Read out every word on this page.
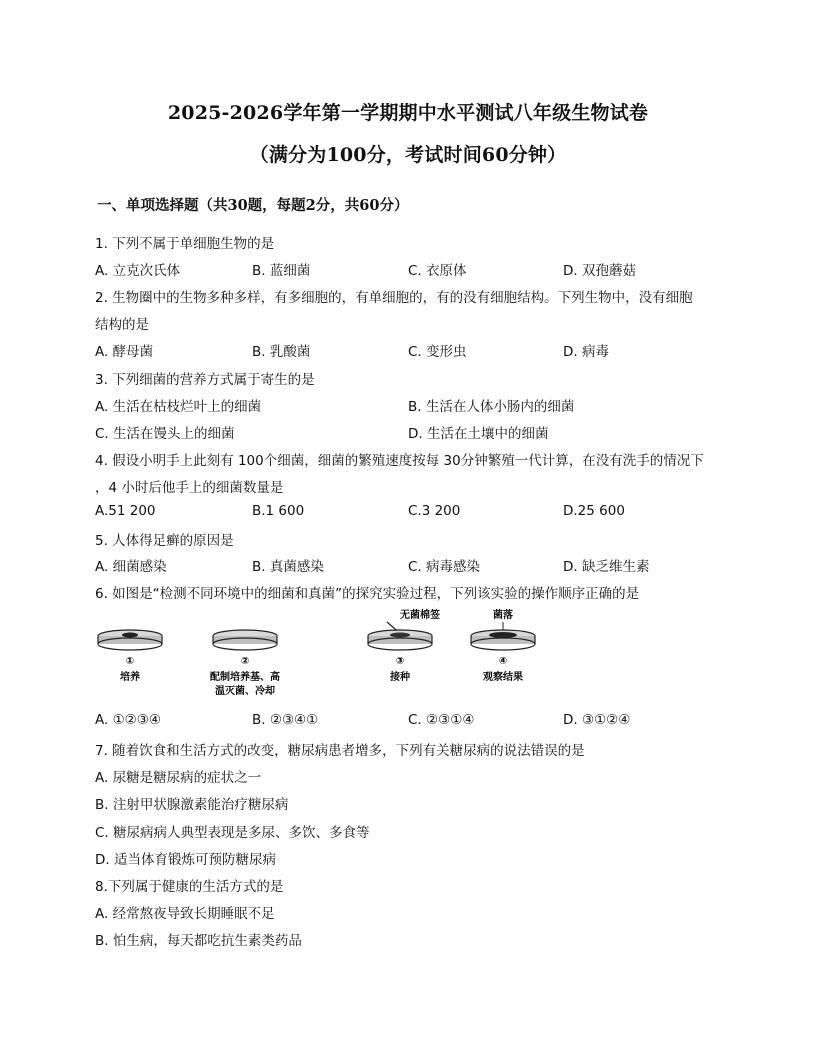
2025-2026学年第一学期期中水平测试八年级生物试卷
（满分为100分，考试时间60分钟）
一、单项选择题（共30题，每题2分，共60分）
1. 下列不属于单细胞生物的是
A. 立克次氏体	B. 蓝细菌	C. 衣原体	D. 双孢蘑菇
2. 生物圈中的生物多种多样，有多细胞的，有单细胞的，有的没有细胞结构。下列生物中，没有细胞
结构的是
A. 酵母菌	B. 乳酸菌	C. 变形虫	D. 病毒
3. 下列细菌的营养方式属于寄生的是
A. 生活在枯枝烂叶上的细菌	B. 生活在人体小肠内的细菌
C. 生活在馒头上的细菌	D. 生活在土壤中的细菌
4. 假设小明手上此刻有 100个细菌，细菌的繁殖速度按每 30分钟繁殖一代计算，在没有洗手的情况下
，4 小时后他手上的细菌数量是
A.51 200	B.1 600	C.3 200	D.25 600
5. 人体得足癣的原因是
A. 细菌感染	B. 真菌感染	C. 病毒感染	D. 缺乏维生素
6. 如图是“检测不同环境中的细菌和真菌”的探究实验过程，下列该实验的操作顺序正确的是
①
培养
②
配制培养基、高
温灭菌、冷却
无菌棉签
③
接种
菌落
④
观察结果
A. ①②③④	B. ②③④①	C. ②③①④	D. ③①②④
7. 随着饮食和生活方式的改变，糖尿病患者增多，下列有关糖尿病的说法错误的是
A. 尿糖是糖尿病的症状之一
B. 注射甲状腺激素能治疗糖尿病
C. 糖尿病病人典型表现是多尿、多饮、多食等
D. 适当体育锻炼可预防糖尿病
8.下列属于健康的生活方式的是
A. 经常熬夜导致长期睡眠不足
B. 怕生病，每天都吃抗生素类药品
